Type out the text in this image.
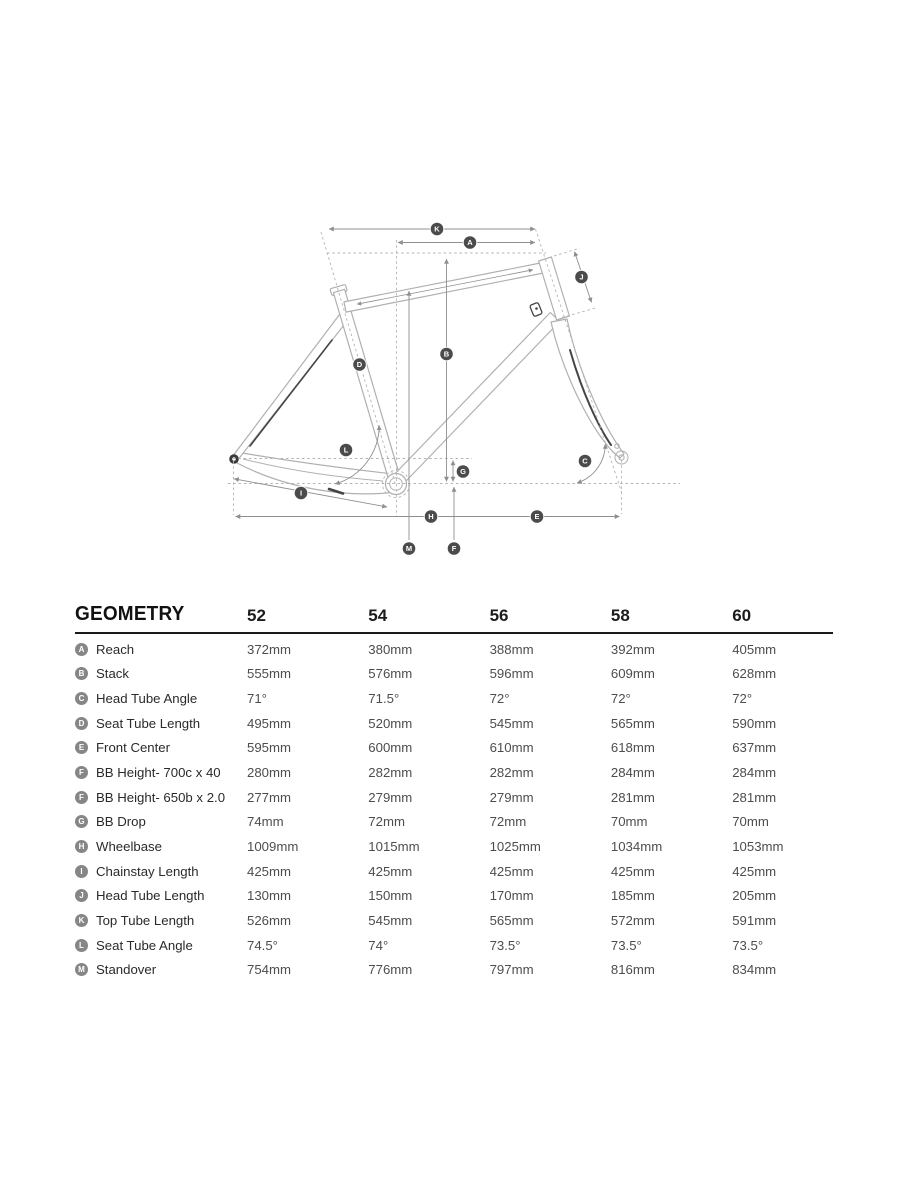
K
A
J
B
D
L
C
G
I
H	E
M	F
GEOMETRY	52	54	56	58	60
A Reach	372mm	380mm	388mm	392mm	405mm
B Stack	555mm	576mm	596mm	609mm	628mm
C Head Tube Angle	71°	71.5°	72°	72°	72°
D Seat Tube Length	495mm	520mm	545mm	565mm	590mm
E Front Center	595mm	600mm	610mm	618mm	637mm
F BB Height- 700c x 40 280mm	282mm	282mm	284mm	284mm
F BB Height- 650b x 2.0 277mm	279mm	279mm	281mm	281mm
G BB Drop	74mm	72mm	72mm	70mm	70mm
H Wheelbase	1009mm	1015mm	1025mm	1034mm	1053mm
I	Chainstay Length	425mm	425mm	425mm	425mm	425mm
J Head Tube Length	130mm	150mm	170mm	185mm	205mm
K Top Tube Length	526mm	545mm	565mm	572mm	591mm
L Seat Tube Angle	74.5°	74°	73.5°	73.5°	73.5°
M Standover	754mm	776mm	797mm	816mm	834mm
